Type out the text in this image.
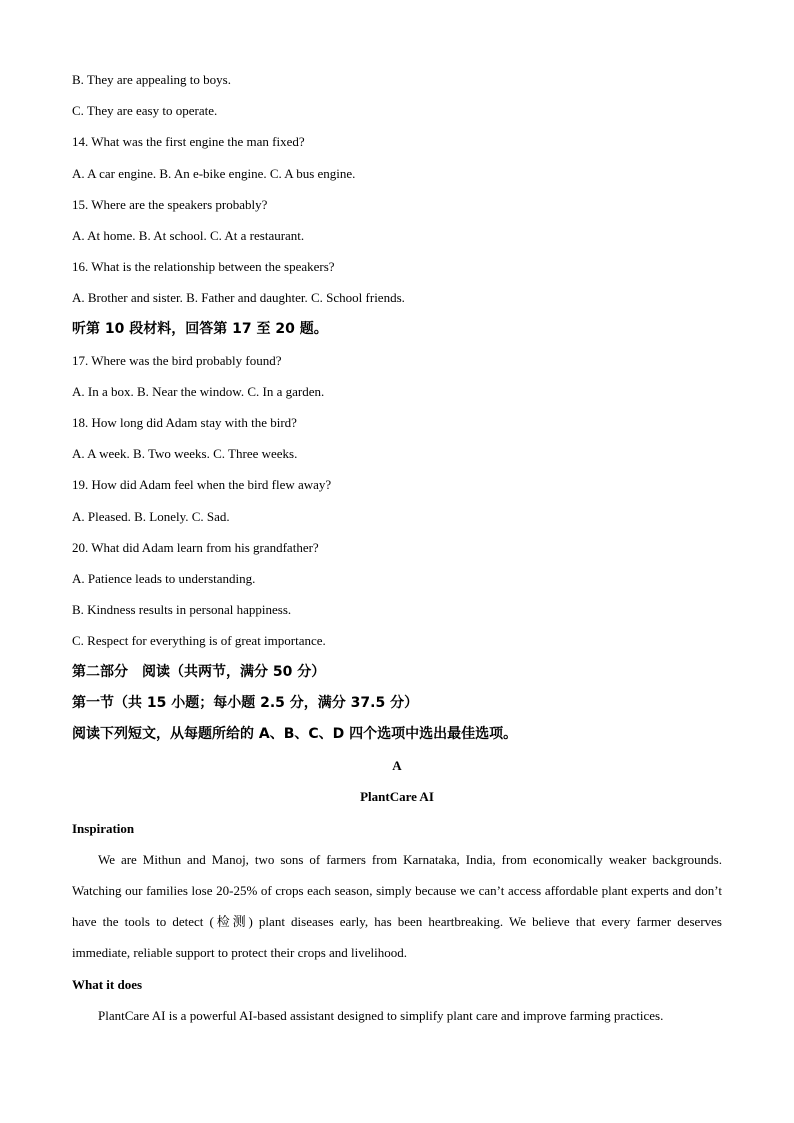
B. They are appealing to boys.
C. They are easy to operate.
14. What was the first engine the man fixed?
A. A car engine. B. An e-bike engine. C. A bus engine.
15. Where are the speakers probably?
A. At home. B. At school. C. At a restaurant.
16. What is the relationship between the speakers?
A. Brother and sister. B. Father and daughter. C. School friends.
听第 10 段材料，回答第 17 至 20 题。
17. Where was the bird probably found?
A. In a box. B. Near the window. C. In a garden.
18. How long did Adam stay with the bird?
A. A week. B. Two weeks. C. Three weeks.
19. How did Adam feel when the bird flew away?
A. Pleased. B. Lonely. C. Sad.
20. What did Adam learn from his grandfather?
A. Patience leads to understanding.
B. Kindness results in personal happiness.
C. Respect for everything is of great importance.
第二部分　阅读（共两节，满分 50 分）
第一节（共 15 小题；每小题 2.5 分，满分 37.5 分）
阅读下列短文，从每题所给的 A、B、C、D 四个选项中选出最佳选项。
A
PlantCare AI
Inspiration
We are Mithun and Manoj, two sons of farmers from Karnataka, India, from economically weaker backgrounds. Watching our families lose 20-25% of crops each season, simply because we can’t access affordable plant experts and don’t have the tools to detect (检测) plant diseases early, has been heartbreaking. We believe that every farmer deserves immediate, reliable support to protect their crops and livelihood.
What it does
PlantCare AI is a powerful AI-based assistant designed to simplify plant care and improve farming practices.
